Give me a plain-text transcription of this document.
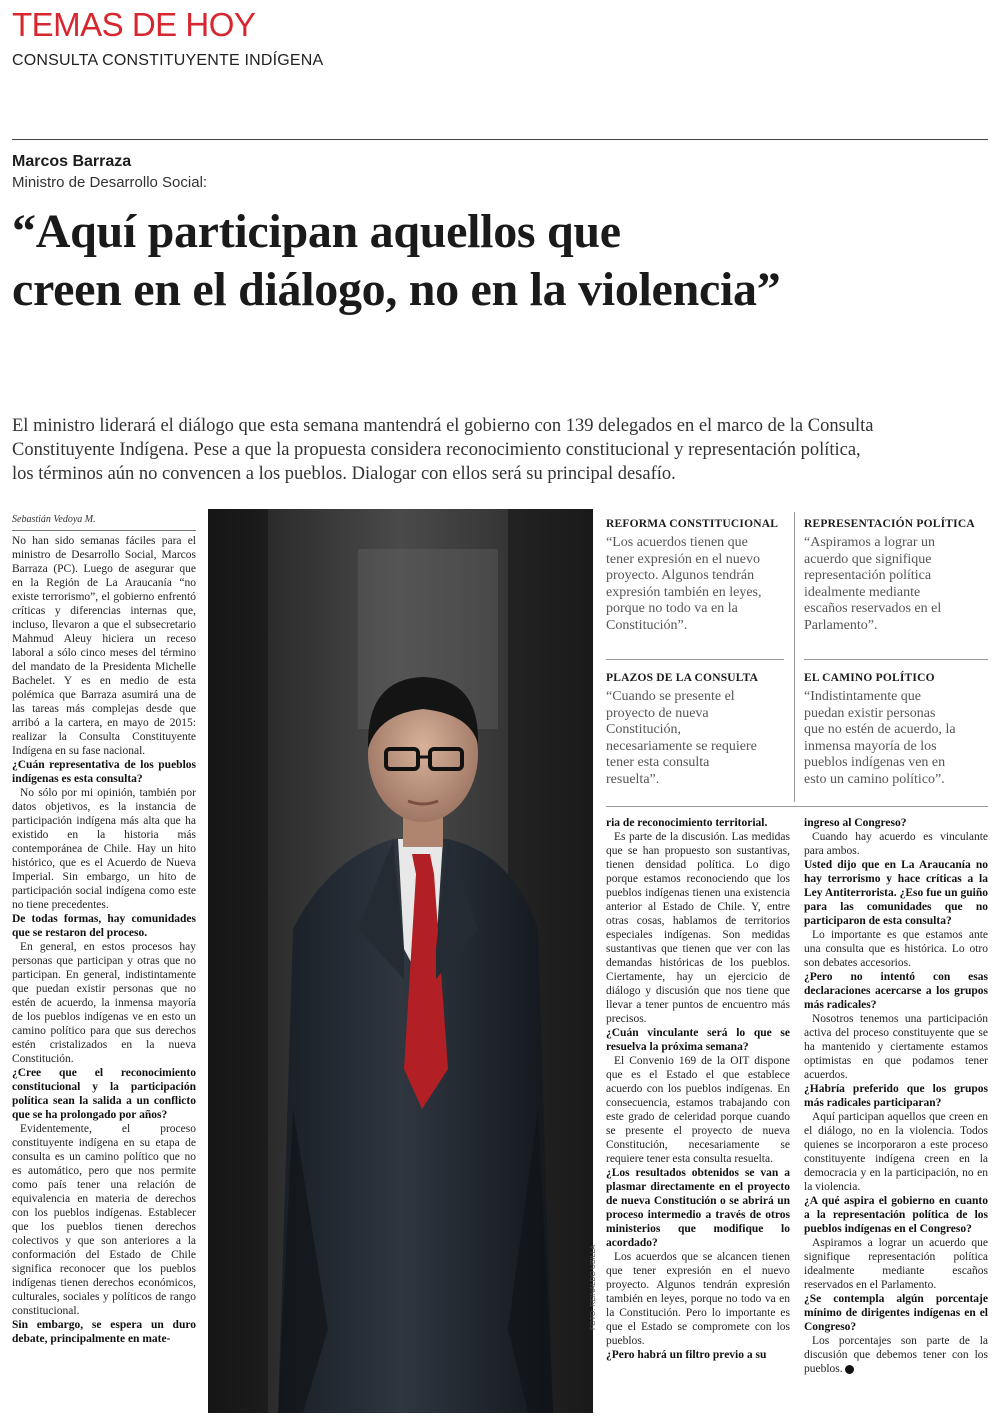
TEMAS DE HOY
CONSULTA CONSTITUYENTE INDÍGENA
Marcos Barraza
Ministro de Desarrollo Social:
“Aquí participan aquellos que
creen en el diálogo, no en la violencia”
El ministro liderará el diálogo que esta semana mantendrá el gobierno con 139 delegados en el marco de la Consulta
Constituyente Indígena. Pese a que la propuesta considera reconocimiento constitucional y representación política,
los términos aún no convencen a los pueblos. Dialogar con ellos será su principal desafío.
Sebastián Vedoya M.

No han sido semanas fáciles para el ministro de Desarrollo Social, Marcos Barraza (PC). Luego de asegurar que en la Región de La Araucanía “no existe terrorismo”, el gobierno enfrentó críticas y diferencias internas que, incluso, llevaron a que el subsecretario Mahmud Aleuy hiciera un receso laboral a sólo cinco meses del término del mandato de la Presidenta Michelle Bachelet. Y es en medio de esta polémica que Barraza asumirá una de las tareas más complejas desde que arribó a la cartera, en mayo de 2015: realizar la Consulta Constituyente Indígena en su fase nacional.

¿Cuán representativa de los pueblos indígenas es esta consulta?

No sólo por mi opinión, también por datos objetivos, es la instancia de participación indígena más alta que ha existido en la historia más contemporánea de Chile. Hay un hito histórico, que es el Acuerdo de Nueva Imperial. Sin embargo, un hito de participación social indígena como este no tiene precedentes.

De todas formas, hay comunidades que se restaron del proceso.

En general, en estos procesos hay personas que participan y otras que no participan. En general, indistintamente que puedan existir personas que no estén de acuerdo, la inmensa mayoría de los pueblos indígenas ve en esto un camino político para que sus derechos estén cristalizados en la nueva Constitución.

¿Cree que el reconocimiento constitucional y la participación política sean la salida a un conflicto que se ha prolongado por años?

Evidentemente, el proceso constituyente indígena en su etapa de consulta es un camino político que no es automático, pero que nos permite como país tener una relación de equivalencia en materia de derechos con los pueblos indígenas. Establecer que los pueblos tienen derechos colectivos y que son anteriores a la conformación del Estado de Chile significa reconocer que los pueblos indígenas tienen derechos económicos, culturales, sociales y políticos de rango constitucional.

Sin embargo, se espera un duro debate, principalmente en mate-

FOTO: REINALDO UBILLA
REFORMA CONSTITUCIONAL
“Los acuerdos tienen que
tener expresión en el nuevo
proyecto. Algunos tendrán
expresión también en leyes,
porque no todo va en la
Constitución”.
REPRESENTACIÓN POLÍTICA
“Aspiramos a lograr un
acuerdo que signifique
representación política
idealmente mediante
escaños reservados en el
Parlamento”.
PLAZOS DE LA CONSULTA
“Cuando se presente el
proyecto de nueva
Constitución,
necesariamente se requiere
tener esta consulta
resuelta”.
EL CAMINO POLÍTICO
“Indistintamente que
puedan existir personas
que no estén de acuerdo, la
inmensa mayoría de los
pueblos indígenas ven en
esto un camino político”.

ria de reconocimiento territorial.

Es parte de la discusión. Las medidas que se han propuesto son sustantivas, tienen densidad política. Lo digo porque estamos reconociendo que los pueblos indígenas tienen una existencia anterior al Estado de Chile. Y, entre otras cosas, hablamos de territorios especiales indígenas. Son medidas sustantivas que tienen que ver con las demandas históricas de los pueblos. Ciertamente, hay un ejercicio de diálogo y discusión que nos tiene que llevar a tener puntos de encuentro más precisos.

¿Cuán vinculante será lo que se resuelva la próxima semana?

El Convenio 169 de la OIT dispone que es el Estado el que establece acuerdo con los pueblos indígenas. En consecuencia, estamos trabajando con este grado de celeridad porque cuando se presente el proyecto de nueva Constitución, necesariamente se requiere tener esta consulta resuelta.

¿Los resultados obtenidos se van a plasmar directamente en el proyecto de nueva Constitución o se abrirá un proceso intermedio a través de otros ministerios que modifique lo acordado?

Los acuerdos que se alcancen tienen que tener expresión en el nuevo proyecto. Algunos tendrán expresión también en leyes, porque no todo va en la Constitución. Pero lo importante es que el Estado se compromete con los pueblos.

¿Pero habrá un filtro previo a su

ingreso al Congreso?

Cuando hay acuerdo es vinculante para ambos.

Usted dijo que en La Araucanía no hay terrorismo y hace críticas a la Ley Antiterrorista. ¿Eso fue un guiño para las comunidades que no participaron de esta consulta?

Lo importante es que estamos ante una consulta que es histórica. Lo otro son debates accesorios.

¿Pero no intentó con esas declaraciones acercarse a los grupos más radicales?

Nosotros tenemos una participación activa del proceso constituyente que se ha mantenido y ciertamente estamos optimistas en que podamos tener acuerdos.

¿Habría preferido que los grupos más radicales participaran?

Aquí participan aquellos que creen en el diálogo, no en la violencia. Todos quienes se incorporaron a este proceso constituyente indígena creen en la democracia y en la participación, no en la violencia.

¿A qué aspira el gobierno en cuanto a la representación política de los pueblos indígenas en el Congreso?

Aspiramos a lograr un acuerdo que signifique representación política idealmente mediante escaños reservados en el Parlamento.

¿Se contempla algún porcentaje mínimo de dirigentes indígenas en el Congreso?

Los porcentajes son parte de la discusión que debemos tener con los pueblos.
